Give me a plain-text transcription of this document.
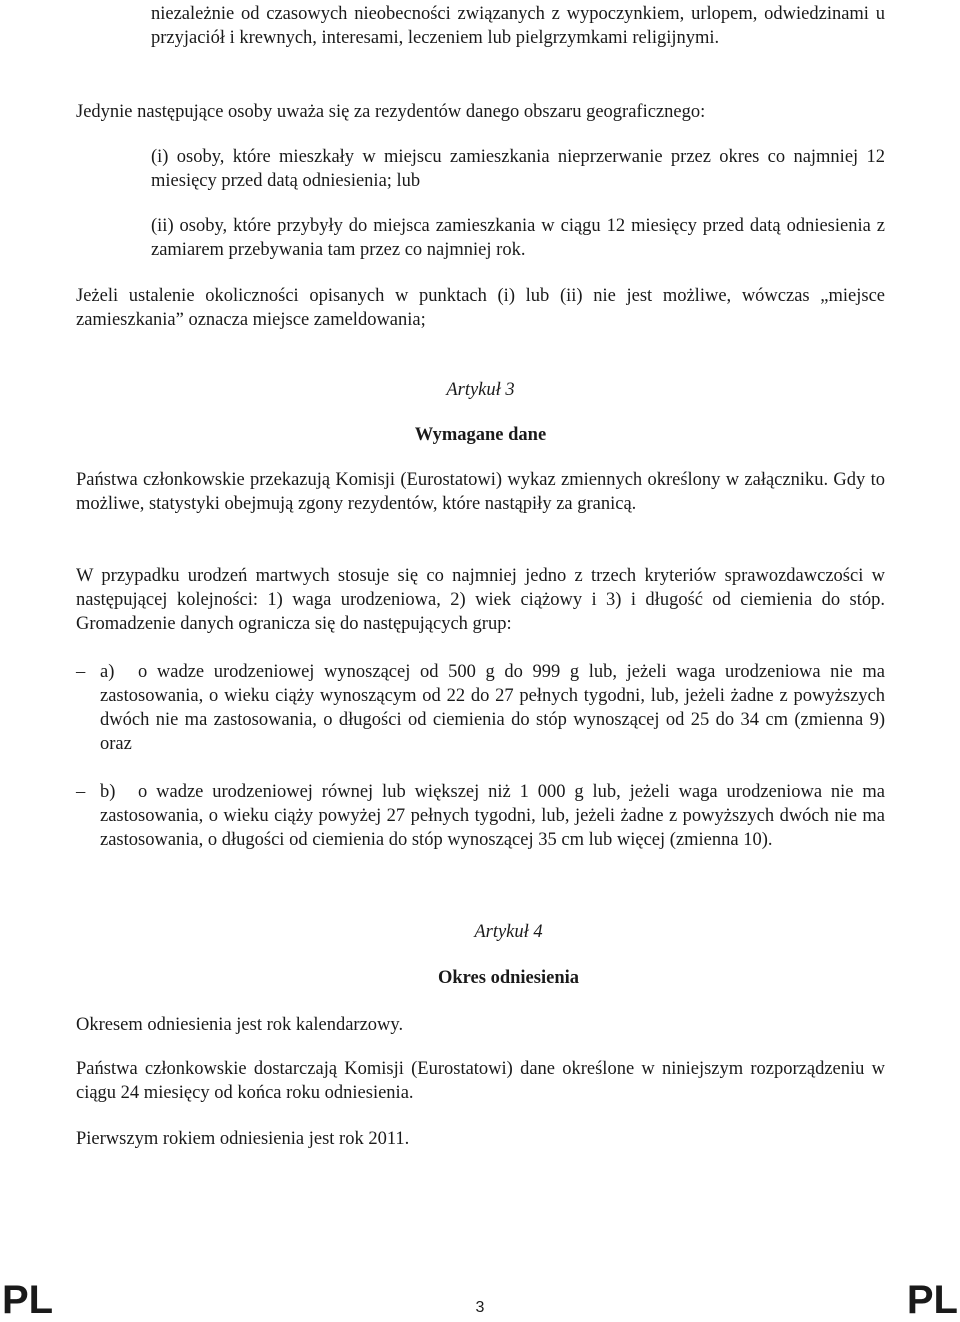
niezależnie od czasowych nieobecności związanych z wypoczynkiem, urlopem, odwiedzinami u przyjaciół i krewnych, interesami, leczeniem lub pielgrzymkami religijnymi.

Jedynie następujące osoby uważa się za rezydentów danego obszaru geograficznego:

(i) osoby, które mieszkały w miejscu zamieszkania nieprzerwanie przez okres co najmniej 12 miesięcy przed datą odniesienia; lub

(ii) osoby, które przybyły do miejsca zamieszkania w ciągu 12 miesięcy przed datą odniesienia z zamiarem przebywania tam przez co najmniej rok.

Jeżeli ustalenie okoliczności opisanych w punktach (i) lub (ii) nie jest możliwe, wówczas „miejsce zamieszkania” oznacza miejsce zameldowania;

Artykuł 3

Wymagane dane

Państwa członkowskie przekazują Komisji (Eurostatowi) wykaz zmiennych określony w załączniku. Gdy to możliwe, statystyki obejmują zgony rezydentów, które nastąpiły za granicą.

W przypadku urodzeń martwych stosuje się co najmniej jedno z trzech kryteriów sprawozdawczości w następującej kolejności: 1) waga urodzeniowa, 2) wiek ciążowy i 3) i długość od ciemienia do stóp. Gromadzenie danych ogranicza się do następujących grup:

– a)	o wadze urodzeniowej wynoszącej od 500 g do 999 g lub, jeżeli waga urodzeniowa nie ma zastosowania, o wieku ciąży wynoszącym od 22 do 27 pełnych tygodni, lub, jeżeli żadne z powyższych dwóch nie ma zastosowania, o długości od ciemienia do stóp wynoszącej od 25 do 34 cm (zmienna 9) oraz
– b)	o wadze urodzeniowej równej lub większej niż 1 000 g lub, jeżeli waga urodzeniowa nie ma zastosowania, o wieku ciąży powyżej 27 pełnych tygodni, lub, jeżeli żadne z powyższych dwóch nie ma zastosowania, o długości od ciemienia do stóp wynoszącej 35 cm lub więcej (zmienna 10).

Artykuł 4

Okres odniesienia

Okresem odniesienia jest rok kalendarzowy.

Państwa członkowskie dostarczają Komisji (Eurostatowi) dane określone w niniejszym rozporządzeniu w ciągu 24 miesięcy od końca roku odniesienia.

Pierwszym rokiem odniesienia jest rok 2011.

PL	3	PL
